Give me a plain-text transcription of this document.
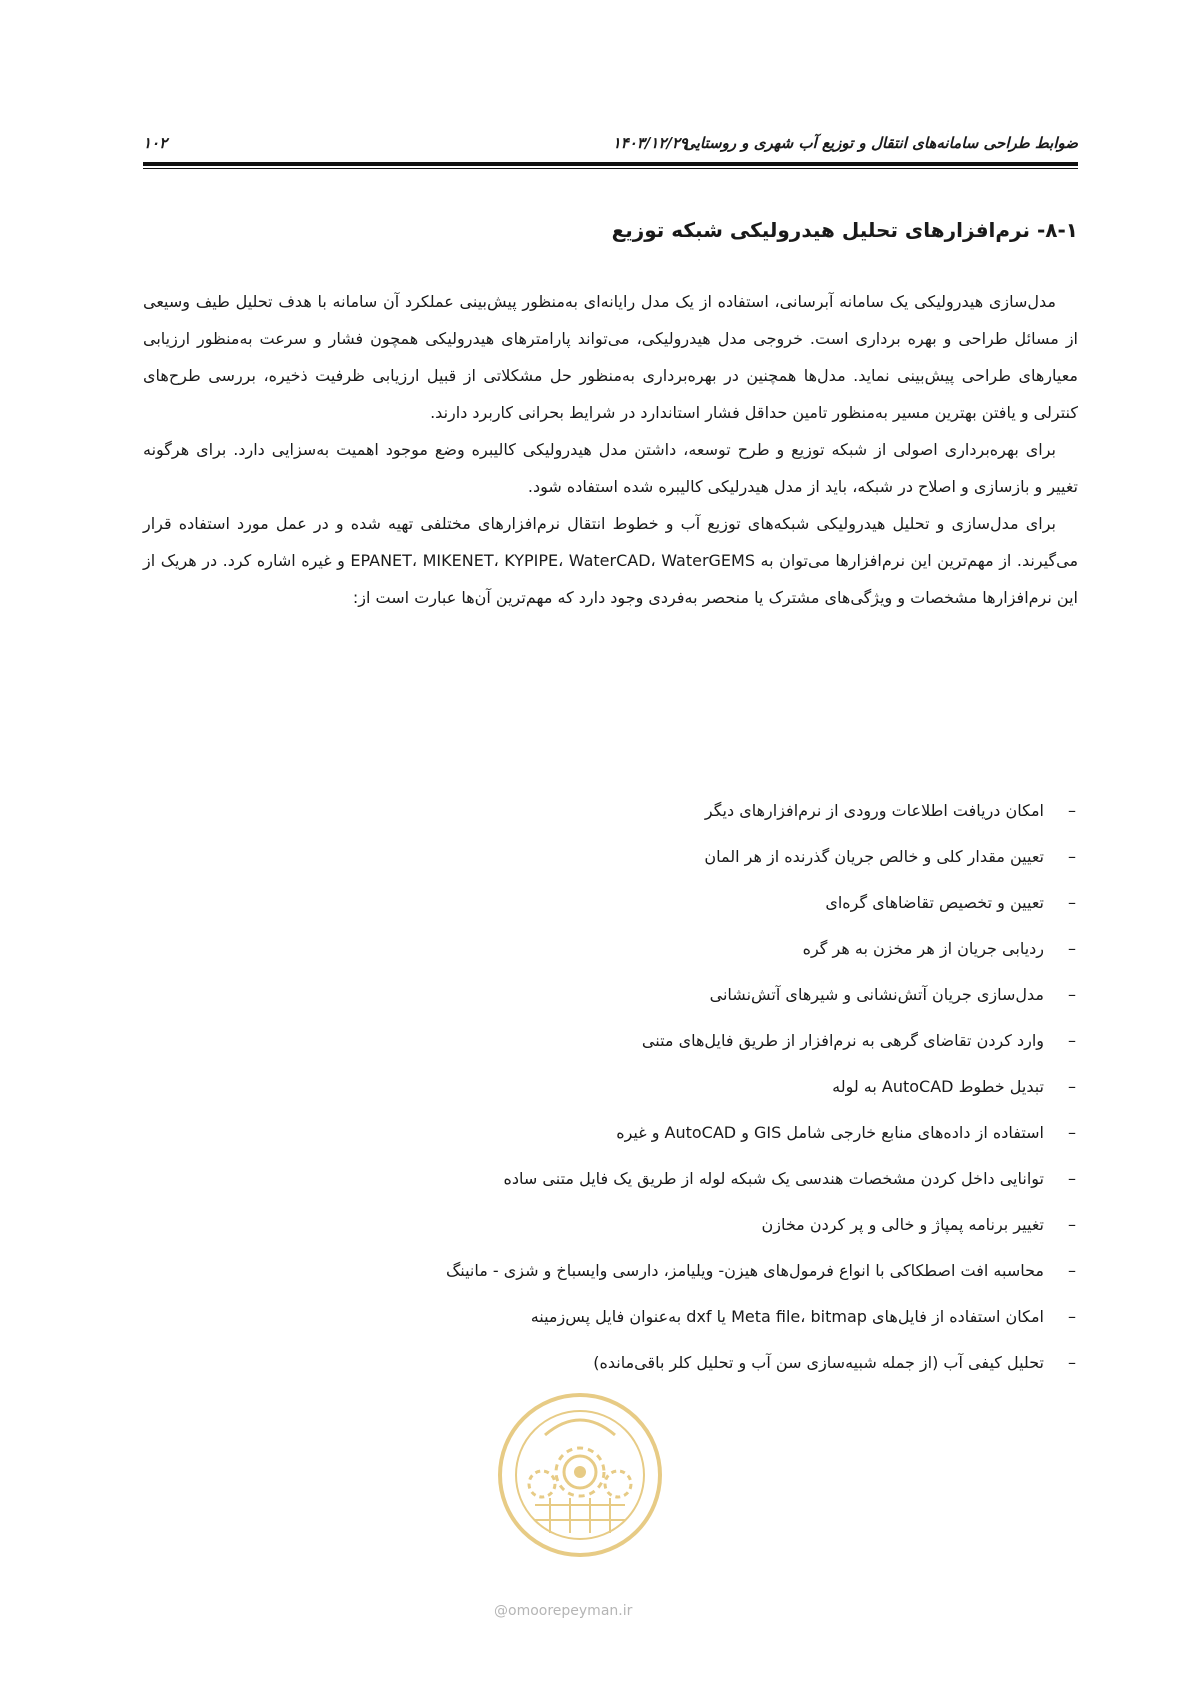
ضوابط طراحی سامانه‌های انتقال و توزیع آب شهری و روستایی
۱۴۰۳/۱۲/۲۹
۱۰۲
۸-۱- نرم‌افزارهای تحلیل هیدرولیکی شبکه توزیع

مدل‌سازی هیدرولیکی یک سامانه آبرسانی، استفاده از یک مدل رایانه‌ای به‌منظور پیش‌بینی عملکرد آن سامانه با هدف تحلیل طیف وسیعی از مسائل طراحی و بهره برداری است. خروجی مدل هیدرولیکی، می‌تواند پارامترهای هیدرولیکی همچون فشار و سرعت به‌منظور ارزیابی معیارهای طراحی پیش‌بینی نماید. مدل‌ها همچنین در بهره‌برداری به‌منظور حل مشکلاتی از قبیل ارزیابی ظرفیت ذخیره، بررسی طرح‌های کنترلی و یافتن بهترین مسیر به‌منظور تامین حداقل فشار استاندارد در شرایط بحرانی کاربرد دارند.

برای بهره‌برداری اصولی از شبکه توزیع و طرح توسعه، داشتن مدل هیدرولیکی کالیبره وضع موجود اهمیت به‌سزایی دارد. برای هرگونه تغییر و بازسازی و اصلاح در شبکه، باید از مدل هیدرلیکی کالیبره شده استفاده شود.

برای مدل‌سازی و تحلیل هیدرولیکی شبکه‌های توزیع آب و خطوط انتقال نرم‌افزارهای مختلفی تهیه شده و در عمل مورد استفاده قرار می‌گیرند. از مهم‌ترین این نرم‌افزارها می‌توان به EPANET، MIKENET، KYPIPE، WaterCAD، WaterGEMS و غیره اشاره کرد. در هریک از این نرم‌افزارها مشخصات و ویژگی‌های مشترک یا منحصر به‌فردی وجود دارد که مهم‌ترین آن‌ها عبارت است از:

–امکان دریافت اطلاعات ورودی از نرم‌افزارهای دیگر
–تعیین مقدار کلی و خالص جریان گذرنده از هر المان
–تعیین و تخصیص تقاضاهای گره‌ای
–ردیابی جریان از هر مخزن به هر گره
–مدل‌سازی جریان آتش‌نشانی و شیرهای آتش‌نشانی
–وارد کردن تقاضای گرهی به نرم‌افزار از طریق فایل‌های متنی
–تبدیل خطوط AutoCAD به لوله
–استفاده از داده‌های منابع خارجی شامل GIS و AutoCAD و غیره
–توانایی داخل کردن مشخصات هندسی یک شبکه لوله از طریق یک فایل متنی ساده
–تغییر برنامه پمپاژ و خالی و پر کردن مخازن
–محاسبه افت اصطکاکی با انواع فرمول‌های هیزن- ویلیامز، دارسی وایسباخ و شزی - مانینگ
–امکان استفاده از فایل‌های Meta file، bitmap یا dxf به‌عنوان فایل پس‌زمینه
–تحلیل کیفی آب (از جمله شبیه‌سازی سن آب و تحلیل کلر باقی‌مانده)
@omoorepeyman.ir
